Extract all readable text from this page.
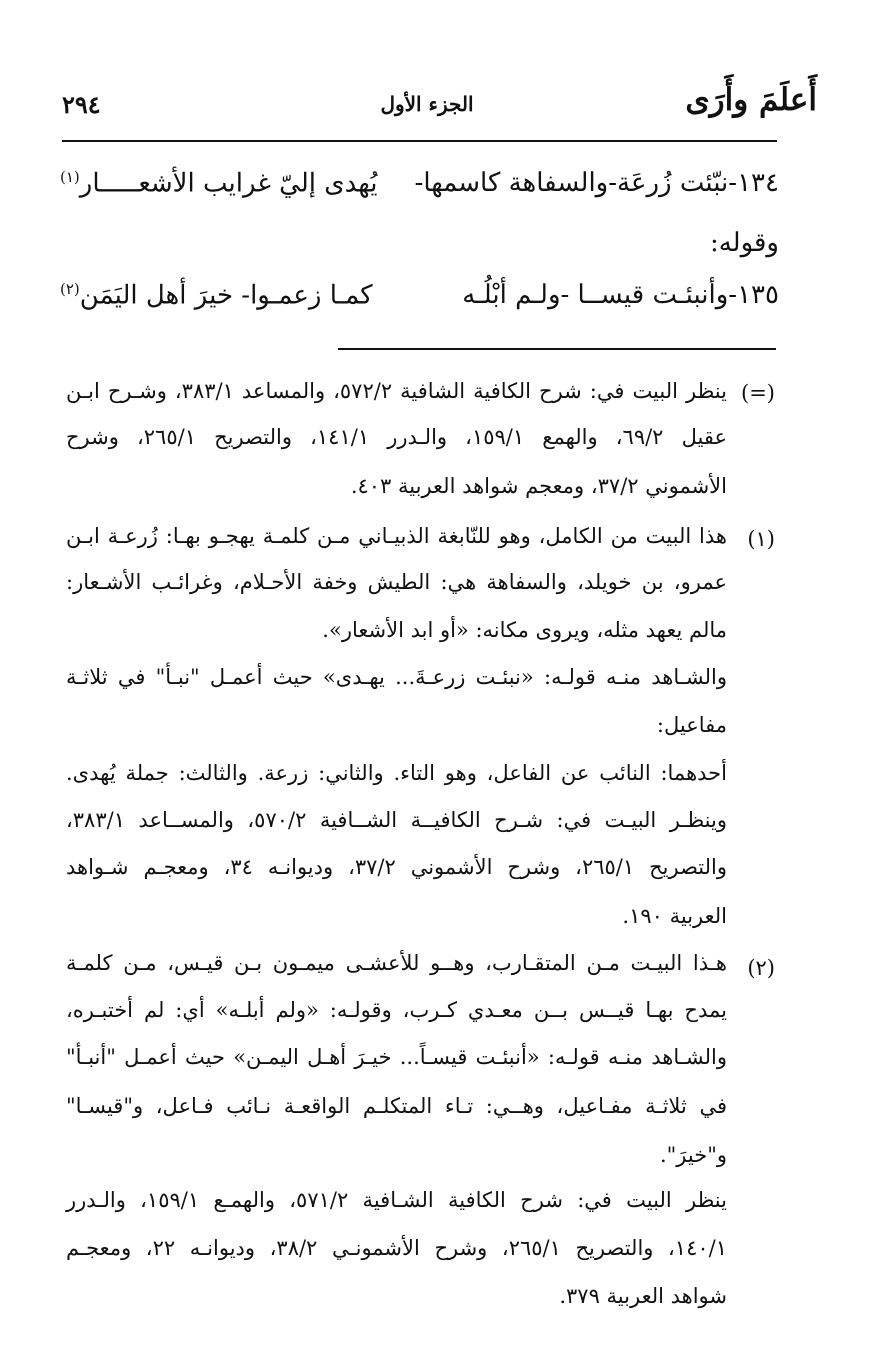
أَعلَمَ وأَرَى
الجزء الأول
٢٩٤
١٣٤-نبّئت زُرعَة-والسفاهة كاسمها-
يُهدى إليّ غرايب الأشعـــــار$^{(١)}$
وقوله:
١٣٥-وأنبئـت قيســا -ولـم أبْلُـه
كمـا زعمـوا- خيرَ أهل اليَمَن$^{(٢)}$
(=)
ينظر البيت في: شرح الكافية الشافية ٥٧٢/٢، والمساعد ٣٨٣/١، وشـرح ابـن
عقيل ٦٩/٢، والهمع ١٥٩/١، والـدرر ١٤١/١، والتصريح ٢٦٥/١، وشرح
الأشموني ٣٧/٢، ومعجم شواهد العربية ٤٠٣.
(١)
هذا البيت من الكامل، وهو للنّابغة الذبيـاني مـن كلمـة يهجـو بهـا: زُرعـة ابـن
عمرو، بن خويلد، والسفاهة هي: الطيش وخفة الأحـلام، وغرائـب الأشـعار:
مالم يعهد مثله، ويروى مكانه: «أو ابد الأشعار».
والشـاهد منـه قولـه: «نبئـت زرعـةَ... يهـدى» حيث أعمـل "نبـأ" في ثلاثـة
مفاعيل:
أحدهما: النائب عن الفاعل، وهو التاء. والثاني: زرعة. والثالث: جملة يُهدى.
وينظـر البيـت في: شـرح الكافيــة الشــافية ٥٧٠/٢، والمســاعد ٣٨٣/١،
والتصريح ٢٦٥/١، وشرح الأشموني ٣٧/٢، وديوانـه ٣٤، ومعجـم شـواهد
العربية ١٩٠.
(٢)
هـذا البيـت مـن المتقـارب، وهــو للأعشـى ميمـون بـن قيـس، مـن كلمـة
يمدح بهـا قيــس بــن معـدي كـرب، وقولـه: «ولم أبلـه» أي: لم أختبـره،
والشـاهد منـه قولـه: «أنبئـت قيسـاً... خيـرَ أهـل اليمـن» حيث أعمـل "أنبـأ"
في ثلاثـة مفـاعيل، وهــي: تـاء المتكلـم الواقعـة نـائب فـاعل، و"قيسـا"
و"خيرَ".
ينظر البيت في: شرح الكافية الشـافية ٥٧١/٢، والهمـع ١٥٩/١، والـدرر
١٤٠/١، والتصريح ٢٦٥/١، وشرح الأشمونـي ٣٨/٢، وديوانـه ٢٢، ومعجـم
شواهد العربية ٣٧٩.
